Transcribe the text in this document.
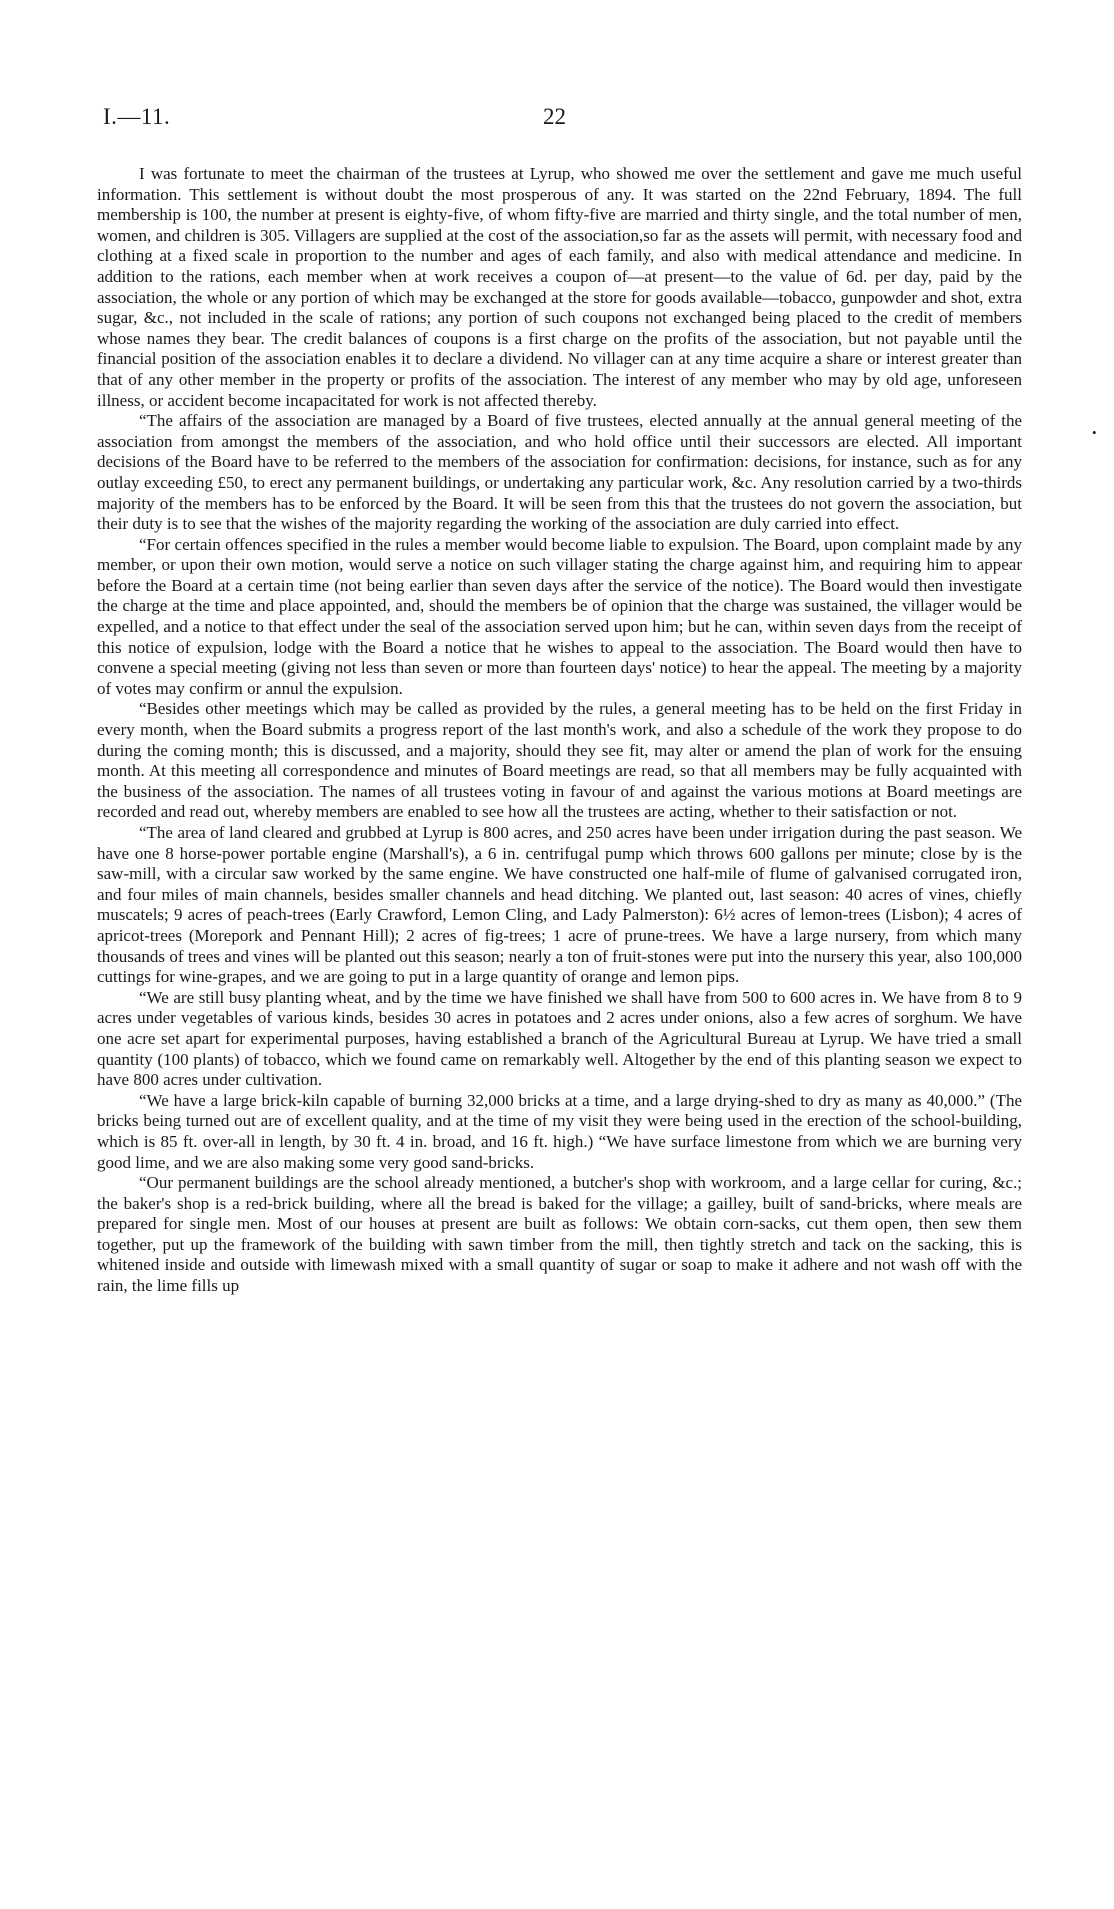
I.—11.	22
•

I was fortunate to meet the chairman of the trustees at Lyrup, who showed me over the settlement and gave me much useful information. This settlement is without doubt the most prosperous of any. It was started on the 22nd February, 1894. The full membership is 100, the number at present is eighty-five, of whom fifty-five are married and thirty single, and the total number of men, women, and children is 305. Villagers are supplied at the cost of the association,so far as the assets will permit, with necessary food and clothing at a fixed scale in proportion to the number and ages of each family, and also with medical attendance and medicine. In addition to the rations, each member when at work receives a coupon of—at present—to the value of 6d. per day, paid by the association, the whole or any portion of which may be exchanged at the store for goods available—tobacco, gunpowder and shot, extra sugar, &c., not included in the scale of rations; any portion of such coupons not exchanged being placed to the credit of members whose names they bear. The credit balances of coupons is a first charge on the profits of the association, but not payable until the financial position of the association enables it to declare a dividend. No villager can at any time acquire a share or interest greater than that of any other member in the property or profits of the association. The interest of any member who may by old age, unforeseen illness, or accident become incapacitated for work is not affected thereby.

“The affairs of the association are managed by a Board of five trustees, elected annually at the annual general meeting of the association from amongst the members of the association, and who hold office until their successors are elected. All important decisions of the Board have to be referred to the members of the association for confirmation: decisions, for instance, such as for any outlay exceeding £50, to erect any permanent buildings, or undertaking any particular work, &c. Any resolution carried by a two-thirds majority of the members has to be enforced by the Board. It will be seen from this that the trustees do not govern the association, but their duty is to see that the wishes of the majority regarding the working of the association are duly carried into effect.

“For certain offences specified in the rules a member would become liable to expulsion. The Board, upon complaint made by any member, or upon their own motion, would serve a notice on such villager stating the charge against him, and requiring him to appear before the Board at a certain time (not being earlier than seven days after the service of the notice). The Board would then investigate the charge at the time and place appointed, and, should the members be of opinion that the charge was sustained, the villager would be expelled, and a notice to that effect under the seal of the association served upon him; but he can, within seven days from the receipt of this notice of expulsion, lodge with the Board a notice that he wishes to appeal to the association. The Board would then have to convene a special meeting (giving not less than seven or more than fourteen days' notice) to hear the appeal. The meeting by a majority of votes may confirm or annul the expulsion.

“Besides other meetings which may be called as provided by the rules, a general meeting has to be held on the first Friday in every month, when the Board submits a progress report of the last month's work, and also a schedule of the work they propose to do during the coming month; this is discussed, and a majority, should they see fit, may alter or amend the plan of work for the ensuing month. At this meeting all correspondence and minutes of Board meetings are read, so that all members may be fully acquainted with the business of the association. The names of all trustees voting in favour of and against the various motions at Board meetings are recorded and read out, whereby members are enabled to see how all the trustees are acting, whether to their satisfaction or not.

“The area of land cleared and grubbed at Lyrup is 800 acres, and 250 acres have been under irrigation during the past season. We have one 8 horse-power portable engine (Marshall's), a 6 in. centrifugal pump which throws 600 gallons per minute; close by is the saw-mill, with a circular saw worked by the same engine. We have constructed one half-mile of flume of galvanised corrugated iron, and four miles of main channels, besides smaller channels and head ditching. We planted out, last season: 40 acres of vines, chiefly muscatels; 9 acres of peach-trees (Early Crawford, Lemon Cling, and Lady Palmerston): 6½ acres of lemon-trees (Lisbon); 4 acres of apricot-trees (Morepork and Pennant Hill); 2 acres of fig-trees; 1 acre of prune-trees. We have a large nursery, from which many thousands of trees and vines will be planted out this season; nearly a ton of fruit-stones were put into the nursery this year, also 100,000 cuttings for wine-grapes, and we are going to put in a large quantity of orange and lemon pips.

“We are still busy planting wheat, and by the time we have finished we shall have from 500 to 600 acres in. We have from 8 to 9 acres under vegetables of various kinds, besides 30 acres in potatoes and 2 acres under onions, also a few acres of sorghum. We have one acre set apart for experimental purposes, having established a branch of the Agricultural Bureau at Lyrup. We have tried a small quantity (100 plants) of tobacco, which we found came on remarkably well. Altogether by the end of this planting season we expect to have 800 acres under cultivation.

“We have a large brick-kiln capable of burning 32,000 bricks at a time, and a large drying-shed to dry as many as 40,000.” (The bricks being turned out are of excellent quality, and at the time of my visit they were being used in the erection of the school-building, which is 85 ft. over-all in length, by 30 ft. 4 in. broad, and 16 ft. high.) “We have surface limestone from which we are burning very good lime, and we are also making some very good sand-bricks.

“Our permanent buildings are the school already mentioned, a butcher's shop with workroom, and a large cellar for curing, &c.; the baker's shop is a red-brick building, where all the bread is baked for the village; a gailley, built of sand-bricks, where meals are prepared for single men. Most of our houses at present are built as follows: We obtain corn-sacks, cut them open, then sew them together, put up the framework of the building with sawn timber from the mill, then tightly stretch and tack on the sacking, this is whitened inside and outside with limewash mixed with a small quantity of sugar or soap to make it adhere and not wash off with the rain, the lime fills up
